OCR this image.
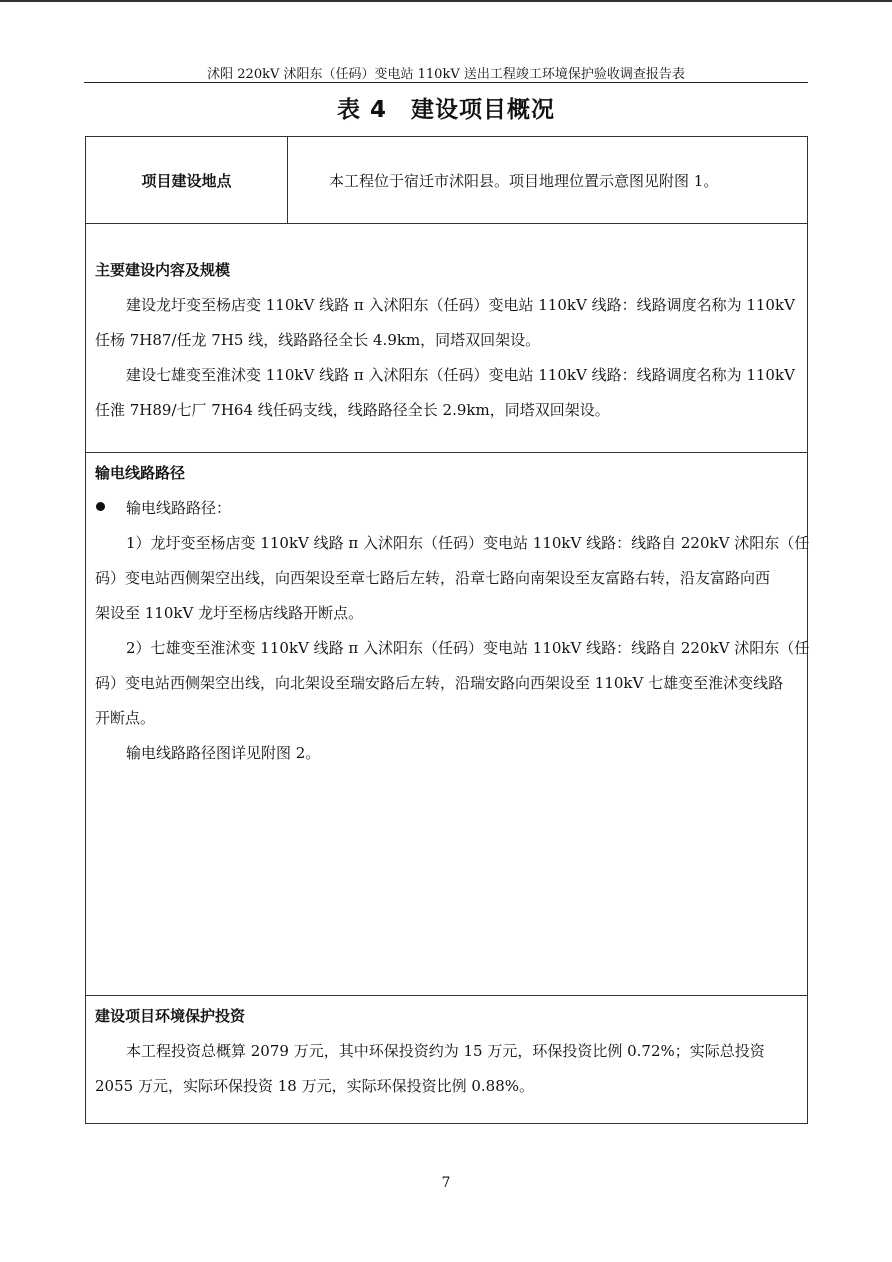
沭阳 220kV 沭阳东（任码）变电站 110kV 送出工程竣工环境保护验收调查报告表
表 4 建设项目概况
项目建设地点	本工程位于宿迁市沭阳县。项目地理位置示意图见附图 1。
主要建设内容及规模
建设龙圩变至杨店变 110kV 线路 π 入沭阳东（任码）变电站 110kV 线路：线路调度名称为 110kV
任杨 7H87/任龙 7H5 线，线路路径全长 4.9km，同塔双回架设。
建设七雄变至淮沭变 110kV 线路 π 入沭阳东（任码）变电站 110kV 线路：线路调度名称为 110kV
任淮 7H89/七厂 7H64 线任码支线，线路路径全长 2.9km，同塔双回架设。
输电线路路径
输电线路路径：
1）龙圩变至杨店变 110kV 线路 π 入沭阳东（任码）变电站 110kV 线路：线路自 220kV 沭阳东（任
码）变电站西侧架空出线，向西架设至章七路后左转，沿章七路向南架设至友富路右转，沿友富路向西
架设至 110kV 龙圩至杨店线路开断点。
2）七雄变至淮沭变 110kV 线路 π 入沭阳东（任码）变电站 110kV 线路：线路自 220kV 沭阳东（任
码）变电站西侧架空出线，向北架设至瑞安路后左转，沿瑞安路向西架设至 110kV 七雄变至淮沭变线路
开断点。
输电线路路径图详见附图 2。
建设项目环境保护投资
本工程投资总概算 2079 万元，其中环保投资约为 15 万元，环保投资比例 0.72%；实际总投资
2055 万元，实际环保投资 18 万元，实际环保投资比例 0.88%。
7
